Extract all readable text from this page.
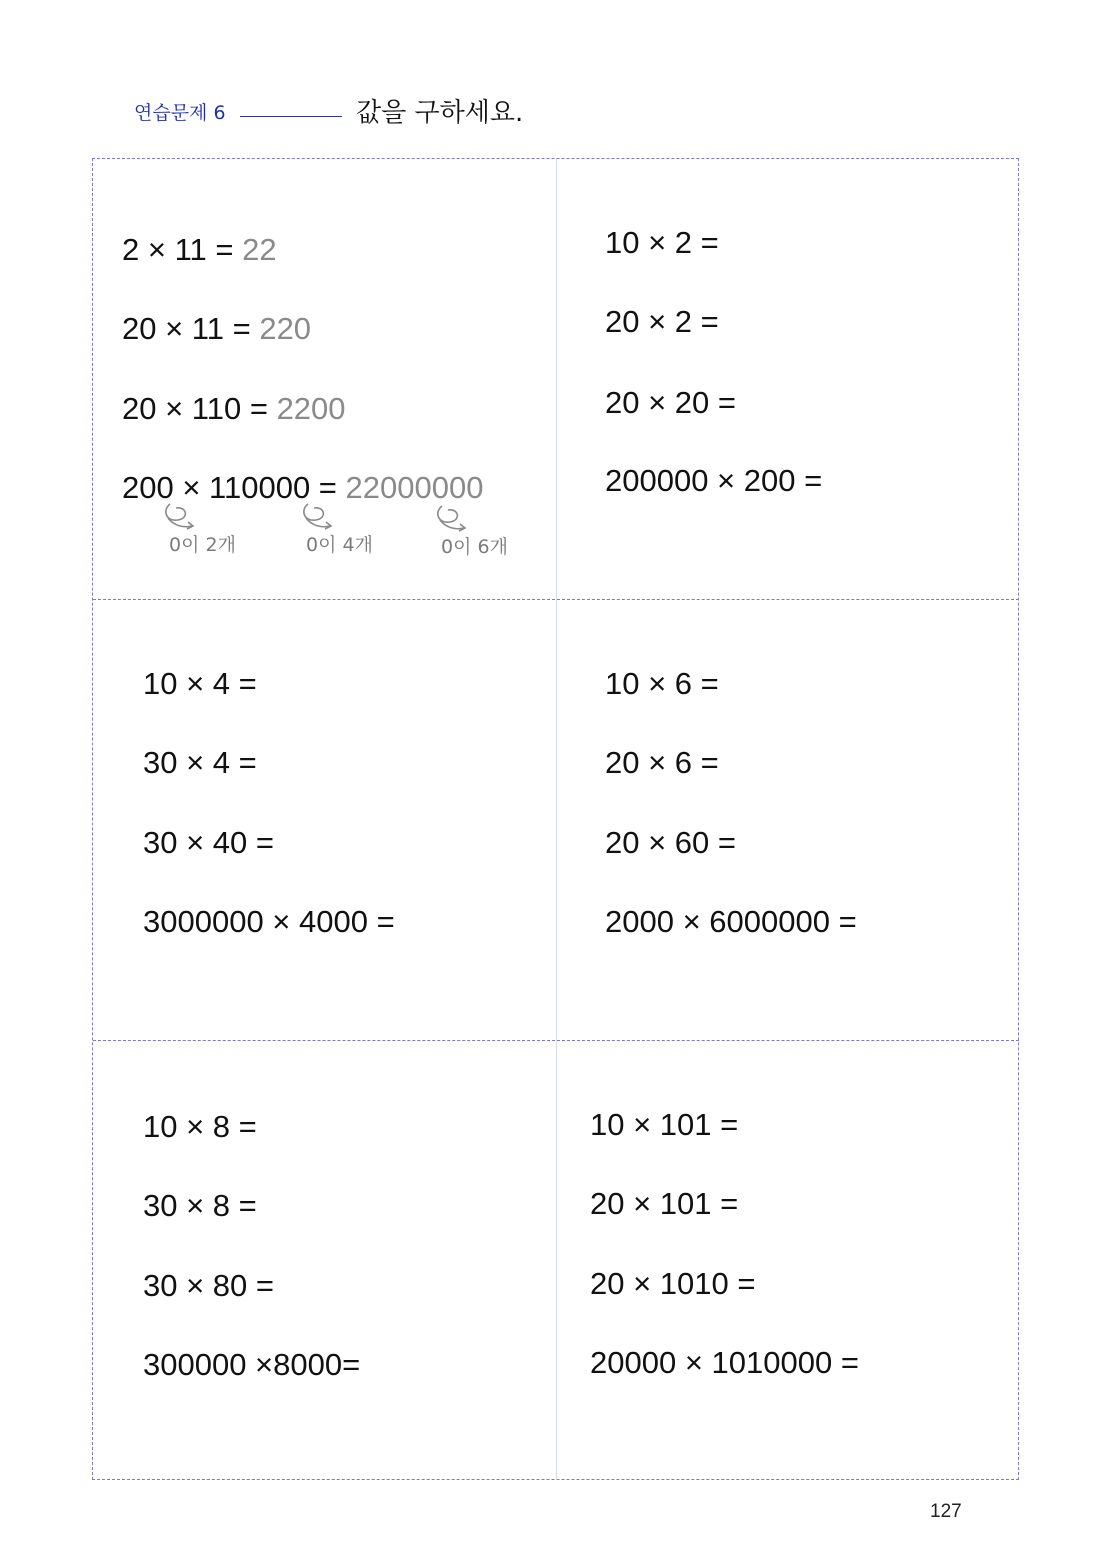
연습문제 6	값을 구하세요.
2 × 11 = 22
20 × 11 = 220
20 × 110 = 2200
200 × 110000 = 22000000
0이 2개	0이 4개	0이 6개
10 × 2 =
20 × 2 =
20 × 20 =
200000 × 200 =
10 × 4 =
30 × 4 =
30 × 40 =
3000000 × 4000 =
10 × 6 =
20 × 6 =
20 × 60 =
2000 × 6000000 =
10 × 8 =
30 × 8 =
30 × 80 =
300000 ×8000=
10 × 101 =
20 × 101 =
20 × 1010 =
20000 × 1010000 =
127
